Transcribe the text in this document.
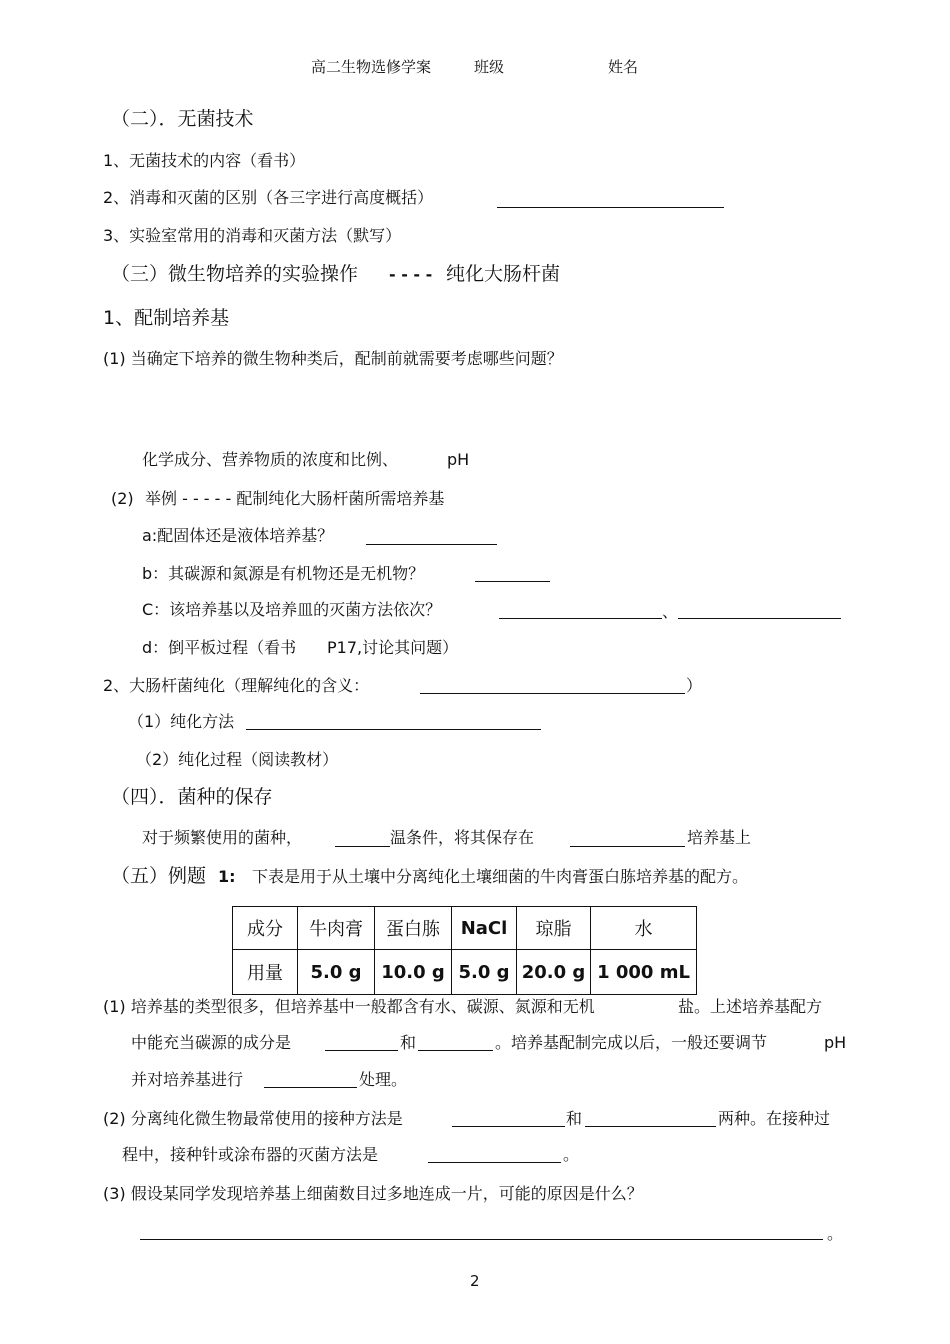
高二生物选修学案	班级	姓名
（二）．无菌技术
1、无菌技术的内容（看书）
2、消毒和灭菌的区别（各三字进行高度概括）
3、实验室常用的消毒和灭菌方法（默写）
（三）微生物培养的实验操作 - - - - 纯化大肠杆菌
1、配制培养基
(1) 当确定下培养的微生物种类后，配制前就需要考虑哪些问题？
化学成分、营养物质的浓度和比例、	pH
(2) 举例 - - - - - 配制纯化大肠杆菌所需培养基
a:配固体还是液体培养基？
b：其碳源和氮源是有机物还是无机物？
C：该培养基以及培养皿的灭菌方法依次？	、
d：倒平板过程（看书 P17,讨论其问题）
2、大肠杆菌纯化（理解纯化的含义：	）
（1）纯化方法
（2）纯化过程（阅读教材）
（四）．菌种的保存
对于频繁使用的菌种，	温条件，将其保存在	培养基上
（五）例题 1: 下表是用于从土壤中分离纯化土壤细菌的牛肉膏蛋白胨培养基的配方。
成分	牛肉膏	蛋白胨	NaCl	琼脂	水
用量	5.0 g	10.0 g	5.0 g	20.0 g	1 000 mL
(1) 培养基的类型很多，但培养基中一般都含有水、碳源、氮源和无机	盐。上述培养基配方
中能充当碳源的成分是	和	。培养基配制完成以后，一般还要调节	pH
并对培养基进行	处理。
(2) 分离纯化微生物最常使用的接种方法是	和	两种。在接种过
程中，接种针或涂布器的灭菌方法是	。
(3) 假设某同学发现培养基上细菌数目过多地连成一片，可能的原因是什么？
。
2
